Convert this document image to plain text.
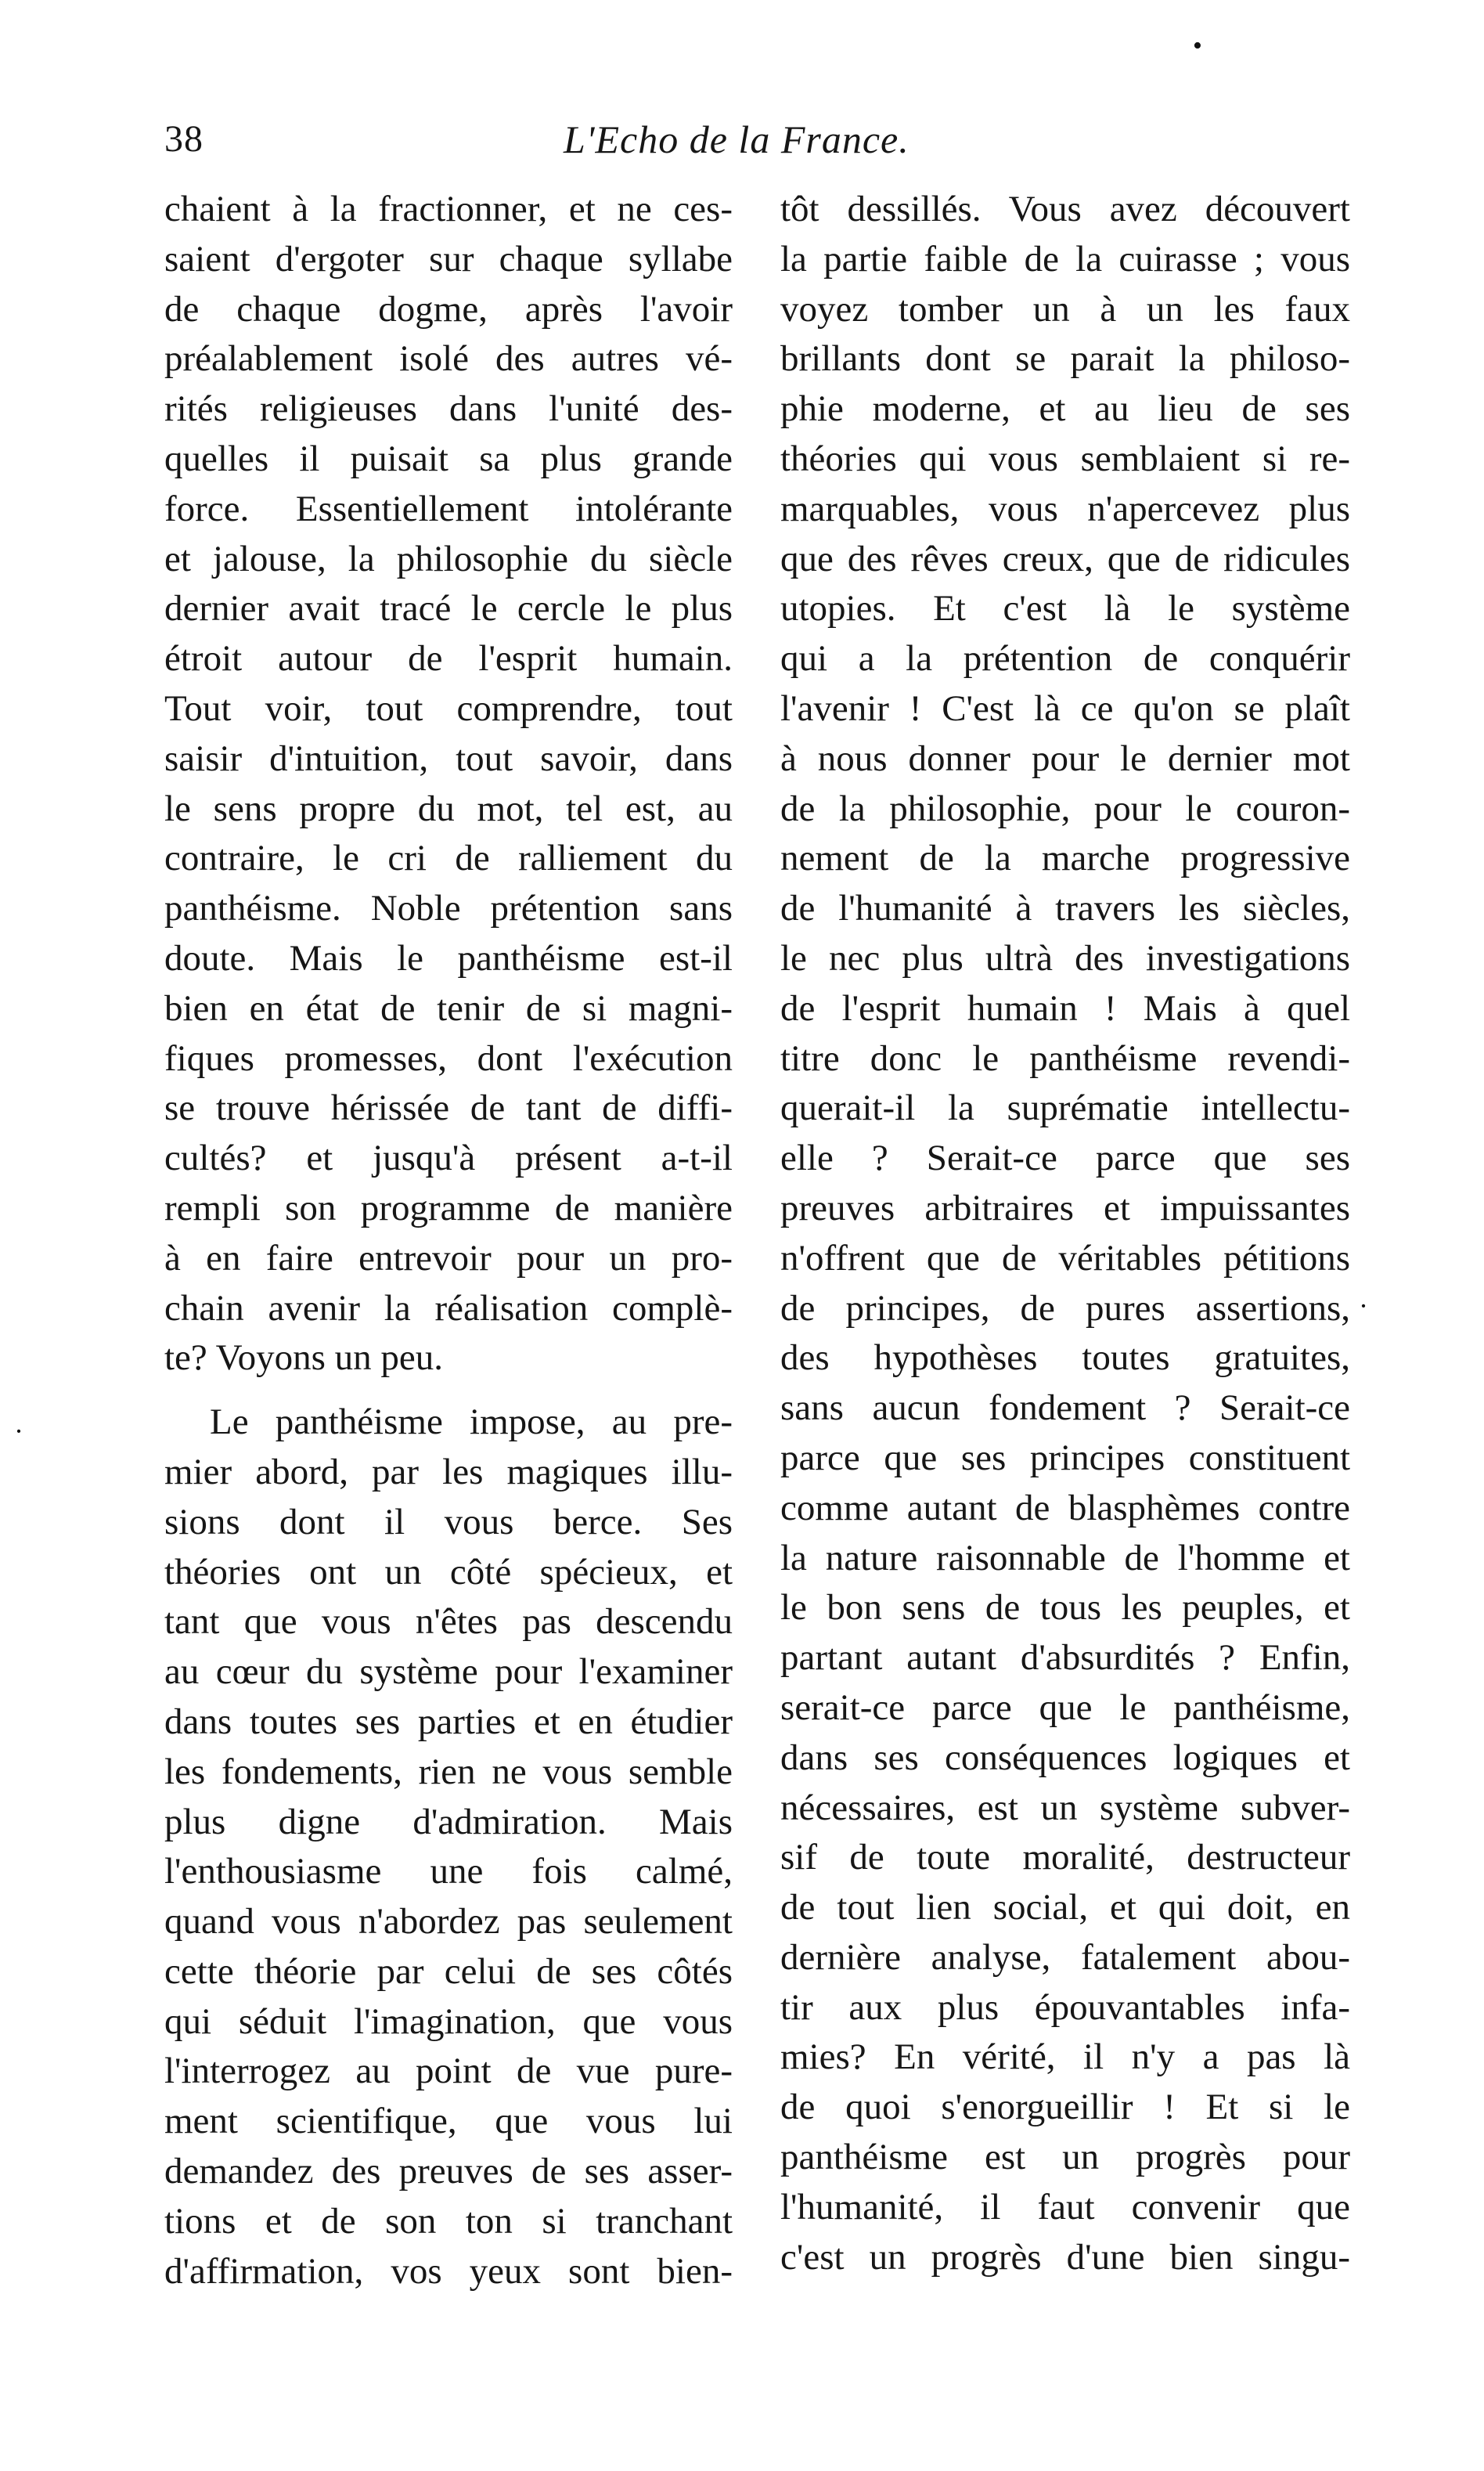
•
·
·
38	L'Echo de la France.
chaient à la fractionner, et ne ces-
saient d'ergoter sur chaque syllabe
de chaque dogme, après l'avoir
préalablement isolé des autres vé-
rités religieuses dans l'unité des-
quelles il puisait sa plus grande
force. Essentiellement intolérante
et jalouse, la philosophie du siècle
dernier avait tracé le cercle le plus
étroit autour de l'esprit humain.
Tout voir, tout comprendre, tout
saisir d'intuition, tout savoir, dans
le sens propre du mot, tel est, au
contraire, le cri de ralliement du
panthéisme. Noble prétention sans
doute. Mais le panthéisme est-il
bien en état de tenir de si magni-
fiques promesses, dont l'exécution
se trouve hérissée de tant de diffi-
cultés? et jusqu'à présent a-t-il
rempli son programme de manière
à en faire entrevoir pour un pro-
chain avenir la réalisation complè-
te? Voyons un peu.
Le panthéisme impose, au pre-
mier abord, par les magiques illu-
sions dont il vous berce. Ses
théories ont un côté spécieux, et
tant que vous n'êtes pas descendu
au cœur du système pour l'examiner
dans toutes ses parties et en étudier
les fondements, rien ne vous semble
plus digne d'admiration. Mais
l'enthousiasme une fois calmé,
quand vous n'abordez pas seulement
cette théorie par celui de ses côtés
qui séduit l'imagination, que vous
l'interrogez au point de vue pure-
ment scientifique, que vous lui
demandez des preuves de ses asser-
tions et de son ton si tranchant
d'affirmation, vos yeux sont bien-
tôt dessillés. Vous avez découvert
la partie faible de la cuirasse ; vous
voyez tomber un à un les faux
brillants dont se parait la philoso-
phie moderne, et au lieu de ses
théories qui vous semblaient si re-
marquables, vous n'apercevez plus
que des rêves creux, que de ridicules
utopies. Et c'est là le système
qui a la prétention de conquérir
l'avenir ! C'est là ce qu'on se plaît
à nous donner pour le dernier mot
de la philosophie, pour le couron-
nement de la marche progressive
de l'humanité à travers les siècles,
le nec plus ultrà des investigations
de l'esprit humain ! Mais à quel
titre donc le panthéisme revendi-
querait-il la suprématie intellectu-
elle ? Serait-ce parce que ses
preuves arbitraires et impuissantes
n'offrent que de véritables pétitions
de principes, de pures assertions,
des hypothèses toutes gratuites,
sans aucun fondement ? Serait-ce
parce que ses principes constituent
comme autant de blasphèmes contre
la nature raisonnable de l'homme et
le bon sens de tous les peuples, et
partant autant d'absurdités ? Enfin,
serait-ce parce que le panthéisme,
dans ses conséquences logiques et
nécessaires, est un système subver-
sif de toute moralité, destructeur
de tout lien social, et qui doit, en
dernière analyse, fatalement abou-
tir aux plus épouvantables infa-
mies? En vérité, il n'y a pas là
de quoi s'enorgueillir ! Et si le
panthéisme est un progrès pour
l'humanité, il faut convenir que
c'est un progrès d'une bien singu-
